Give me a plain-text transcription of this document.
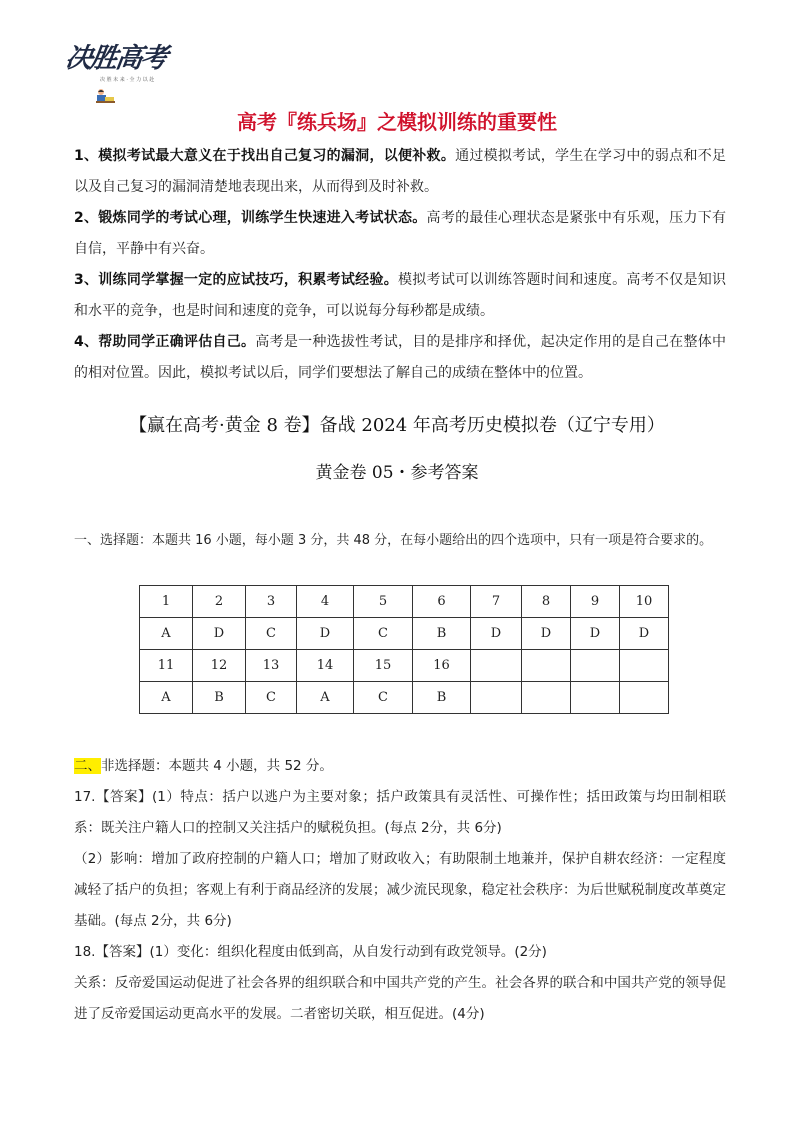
决胜高考
决 胜 未 来 · 全 力 以 赴
高考『练兵场』之模拟训练的重要性
1、模拟考试最大意义在于找出自己复习的漏洞，以便补救。通过模拟考试，学生在学习中的弱点和不足以及自己复习的漏洞清楚地表现出来，从而得到及时补救。
2、锻炼同学的考试心理，训练学生快速进入考试状态。高考的最佳心理状态是紧张中有乐观，压力下有自信，平静中有兴奋。
3、训练同学掌握一定的应试技巧，积累考试经验。模拟考试可以训练答题时间和速度。高考不仅是知识和水平的竞争，也是时间和速度的竞争，可以说每分每秒都是成绩。
4、帮助同学正确评估自己。高考是一种选拔性考试，目的是排序和择优，起决定作用的是自己在整体中的相对位置。因此，模拟考试以后，同学们要想法了解自己的成绩在整体中的位置。
【赢在高考·黄金 8 卷】备战 2024 年高考历史模拟卷（辽宁专用）
黄金卷 05・参考答案
一、选择题：本题共 16 小题，每小题 3 分，共 48 分，在每小题给出的四个选项中，只有一项是符合要求的。
1	2	3	4	5	6	7	8	9	10
A	D	C	D	C	B	D	D	D	D
11	12	13	14	15	16				
A	B	C	A	C	B				
二、非选择题：本题共 4 小题，共 52 分。
17.【答案】(1）特点：括户以逃户为主要对象；括户政策具有灵活性、可操作性；括田政策与均田制相联系：既关注户籍人口的控制又关注括户的赋税负担。(每点 2分，共 6分)
（2）影响：增加了政府控制的户籍人口；增加了财政收入；有助限制土地兼并，保护自耕农经济：一定程度减轻了括户的负担；客观上有利于商品经济的发展；减少流民现象，稳定社会秩序：为后世赋税制度改革奠定基础。(每点 2分，共 6分)
18.【答案】(1）变化：组织化程度由低到高，从自发行动到有政党领导。(2分)
关系：反帝爱国运动促进了社会各界的组织联合和中国共产党的产生。社会各界的联合和中国共产党的领导促进了反帝爱国运动更高水平的发展。二者密切关联，相互促进。(4分)
